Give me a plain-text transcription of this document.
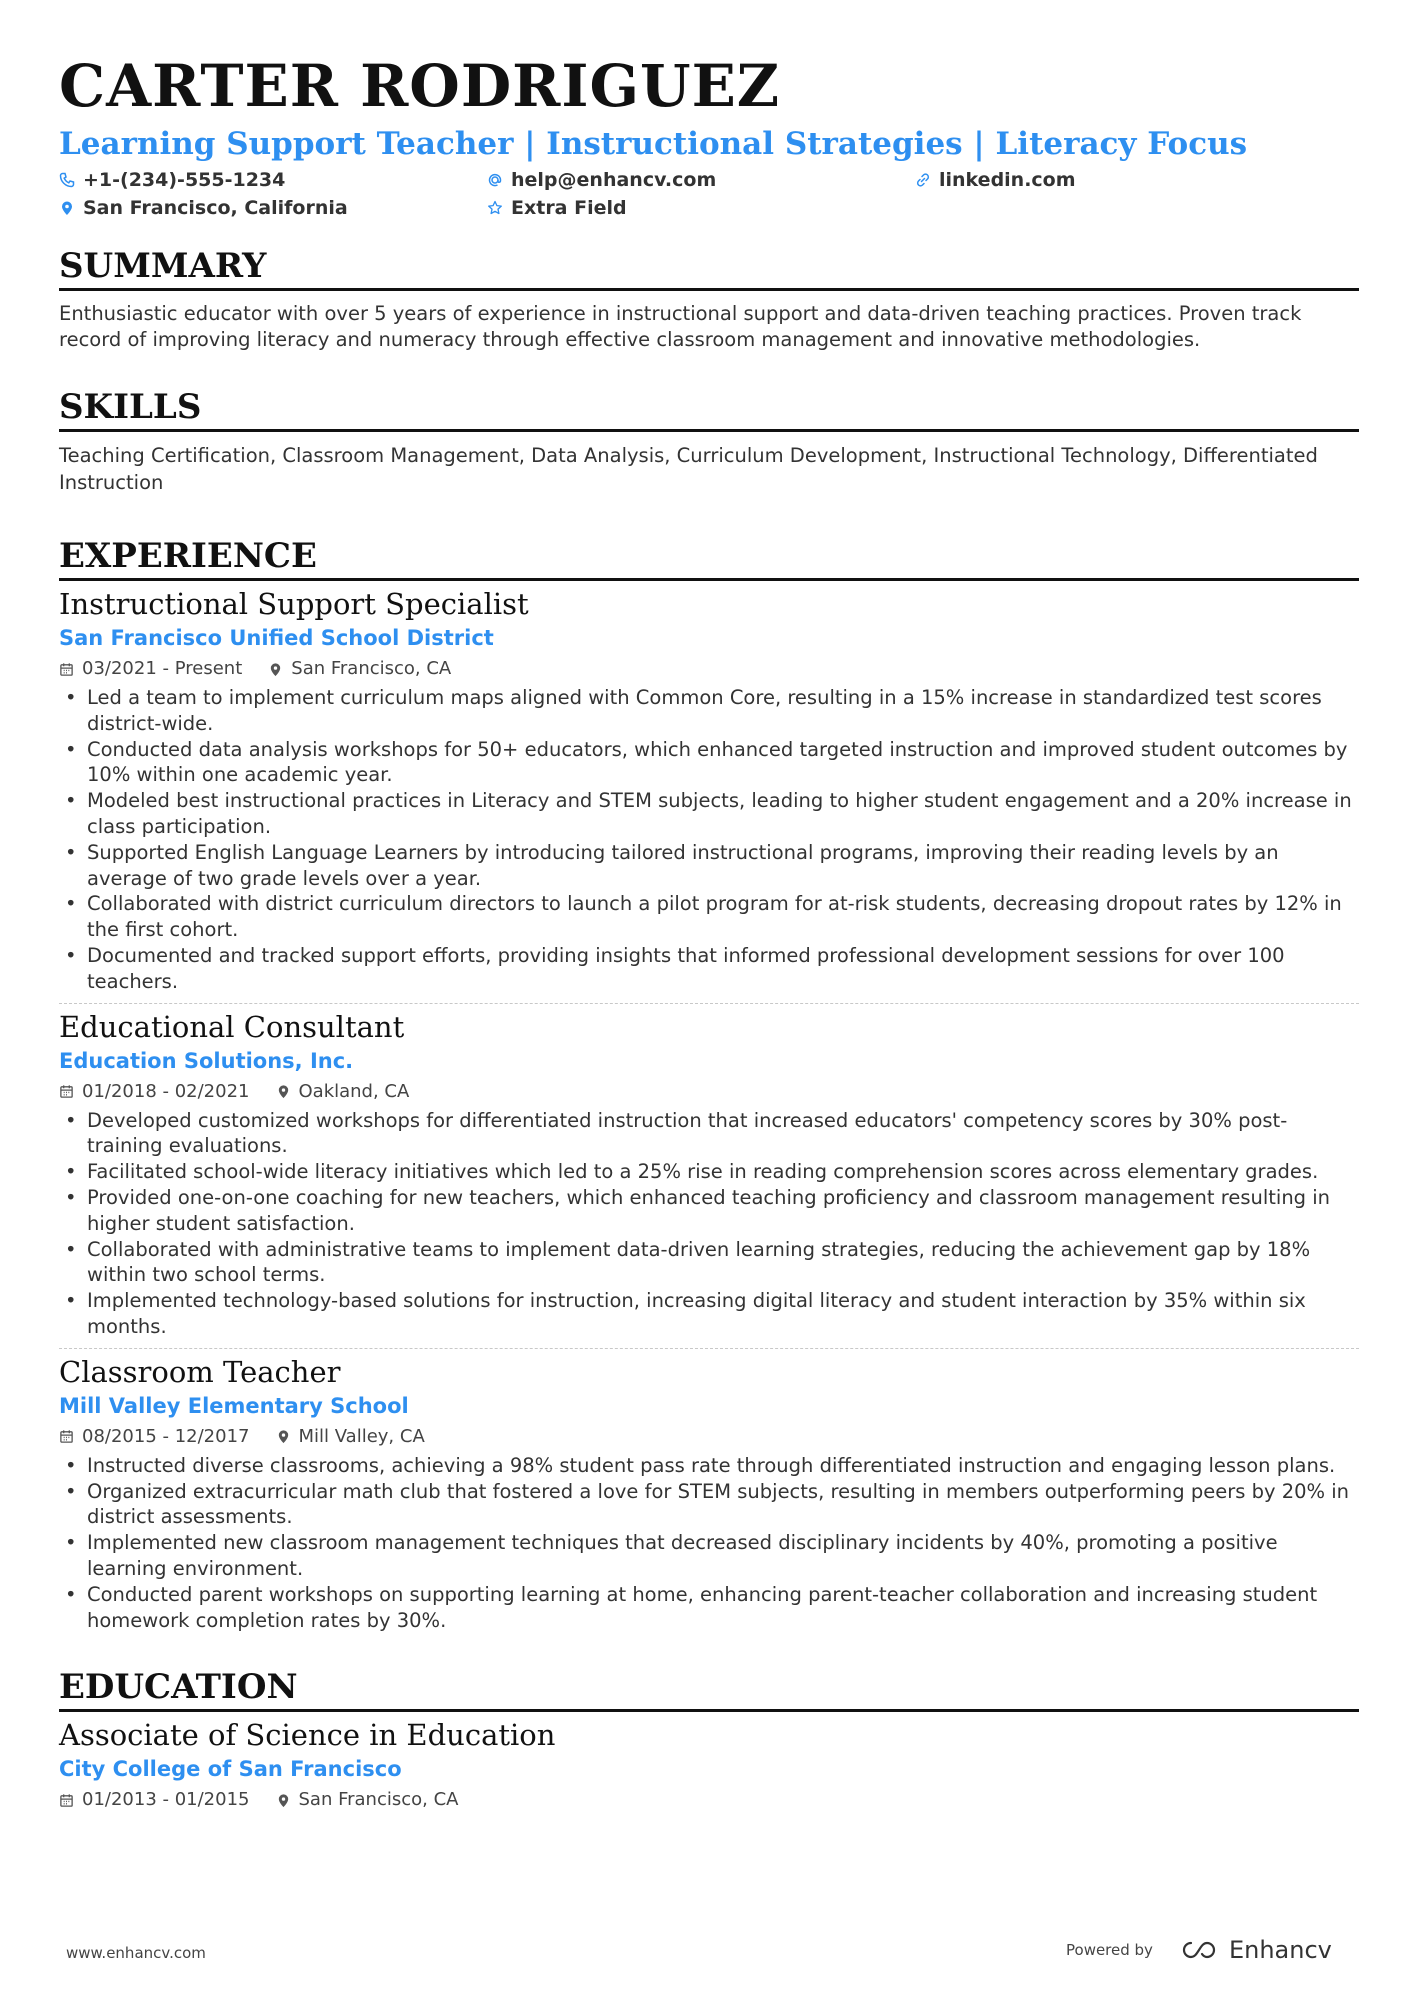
CARTER RODRIGUEZ

Learning Support Teacher | Instructional Strategies | Literacy Focus

+1-(234)-555-1234	help@enhancv.com	linkedin.com
San Francisco, California	Extra Field
SUMMARY

Enthusiastic educator with over 5 years of experience in instructional support and data-driven teaching practices. Proven track record of improving literacy and numeracy through effective classroom management and innovative methodologies.

SKILLS

Teaching Certification, Classroom Management, Data Analysis, Curriculum Development, Instructional Technology, Differentiated Instruction

EXPERIENCE

Instructional Support Specialist

San Francisco Unified School District

03/2021 - Present	San Francisco, CA
• Led a team to implement curriculum maps aligned with Common Core, resulting in a 15% increase in standardized test scores district-wide.
• Conducted data analysis workshops for 50+ educators, which enhanced targeted instruction and improved student outcomes by 10% within one academic year.
• Modeled best instructional practices in Literacy and STEM subjects, leading to higher student engagement and a 20% increase in class participation.
• Supported English Language Learners by introducing tailored instructional programs, improving their reading levels by an average of two grade levels over a year.
• Collaborated with district curriculum directors to launch a pilot program for at-risk students, decreasing dropout rates by 12% in the first cohort.
• Documented and tracked support efforts, providing insights that informed professional development sessions for over 100 teachers.

Educational Consultant

Education Solutions, Inc.

01/2018 - 02/2021	Oakland, CA
• Developed customized workshops for differentiated instruction that increased educators' competency scores by 30% post-training evaluations.
• Facilitated school-wide literacy initiatives which led to a 25% rise in reading comprehension scores across elementary grades.
• Provided one-on-one coaching for new teachers, which enhanced teaching proficiency and classroom management resulting in higher student satisfaction.
• Collaborated with administrative teams to implement data-driven learning strategies, reducing the achievement gap by 18% within two school terms.
• Implemented technology-based solutions for instruction, increasing digital literacy and student interaction by 35% within six months.

Classroom Teacher

Mill Valley Elementary School

08/2015 - 12/2017	Mill Valley, CA
• Instructed diverse classrooms, achieving a 98% student pass rate through differentiated instruction and engaging lesson plans.
• Organized extracurricular math club that fostered a love for STEM subjects, resulting in members outperforming peers by 20% in district assessments.
• Implemented new classroom management techniques that decreased disciplinary incidents by 40%, promoting a positive learning environment.
• Conducted parent workshops on supporting learning at home, enhancing parent-teacher collaboration and increasing student homework completion rates by 30%.
EDUCATION

Associate of Science in Education

City College of San Francisco

01/2013 - 01/2015	San Francisco, CA
www.enhancv.com	Powered by	Enhancv
